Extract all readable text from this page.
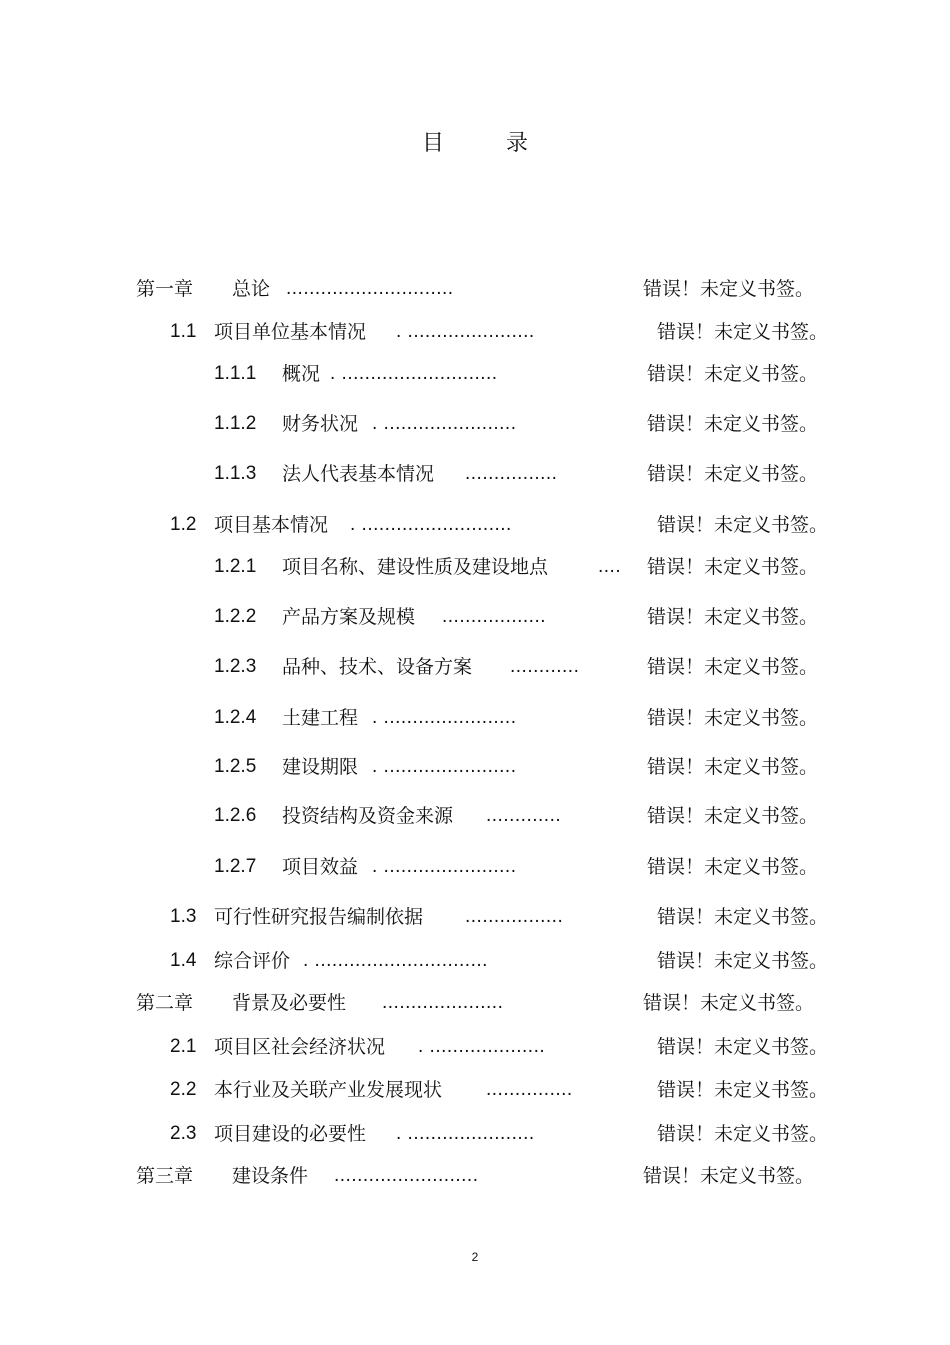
目	录
第一章 总论 .............................	错误！未定义书签。
1.1 项目单位基本情况 . ......................	错误！未定义书签。
1.1.1 概况 . ...........................	错误！未定义书签。
1.1.2 财务状况 . .......................	错误！未定义书签。
1.1.3 法人代表基本情况 ................	错误！未定义书签。
1.2 项目基本情况 . ..........................	错误！未定义书签。
1.2.1 项目名称、建设性质及建设地点	.... 错误！未定义书签。
1.2.2 产品方案及规模 ..................	错误！未定义书签。
1.2.3 品种、技术、设备方案 ............	错误！未定义书签。
1.2.4 土建工程 . .......................	错误！未定义书签。
1.2.5 建设期限 . .......................	错误！未定义书签。
1.2.6 投资结构及资金来源 .............	错误！未定义书签。
1.2.7 项目效益 . .......................	错误！未定义书签。
1.3 可行性研究报告编制依据 .................	错误！未定义书签。
1.4 综合评价 . ..............................	错误！未定义书签。
第二章 背景及必要性 .....................	错误！未定义书签。
2.1 项目区社会经济状况 . ....................	错误！未定义书签。
2.2 本行业及关联产业发展现状 ...............	错误！未定义书签。
2.3 项目建设的必要性 . ......................	错误！未定义书签。
第三章 建设条件 .........................	错误！未定义书签。
2
